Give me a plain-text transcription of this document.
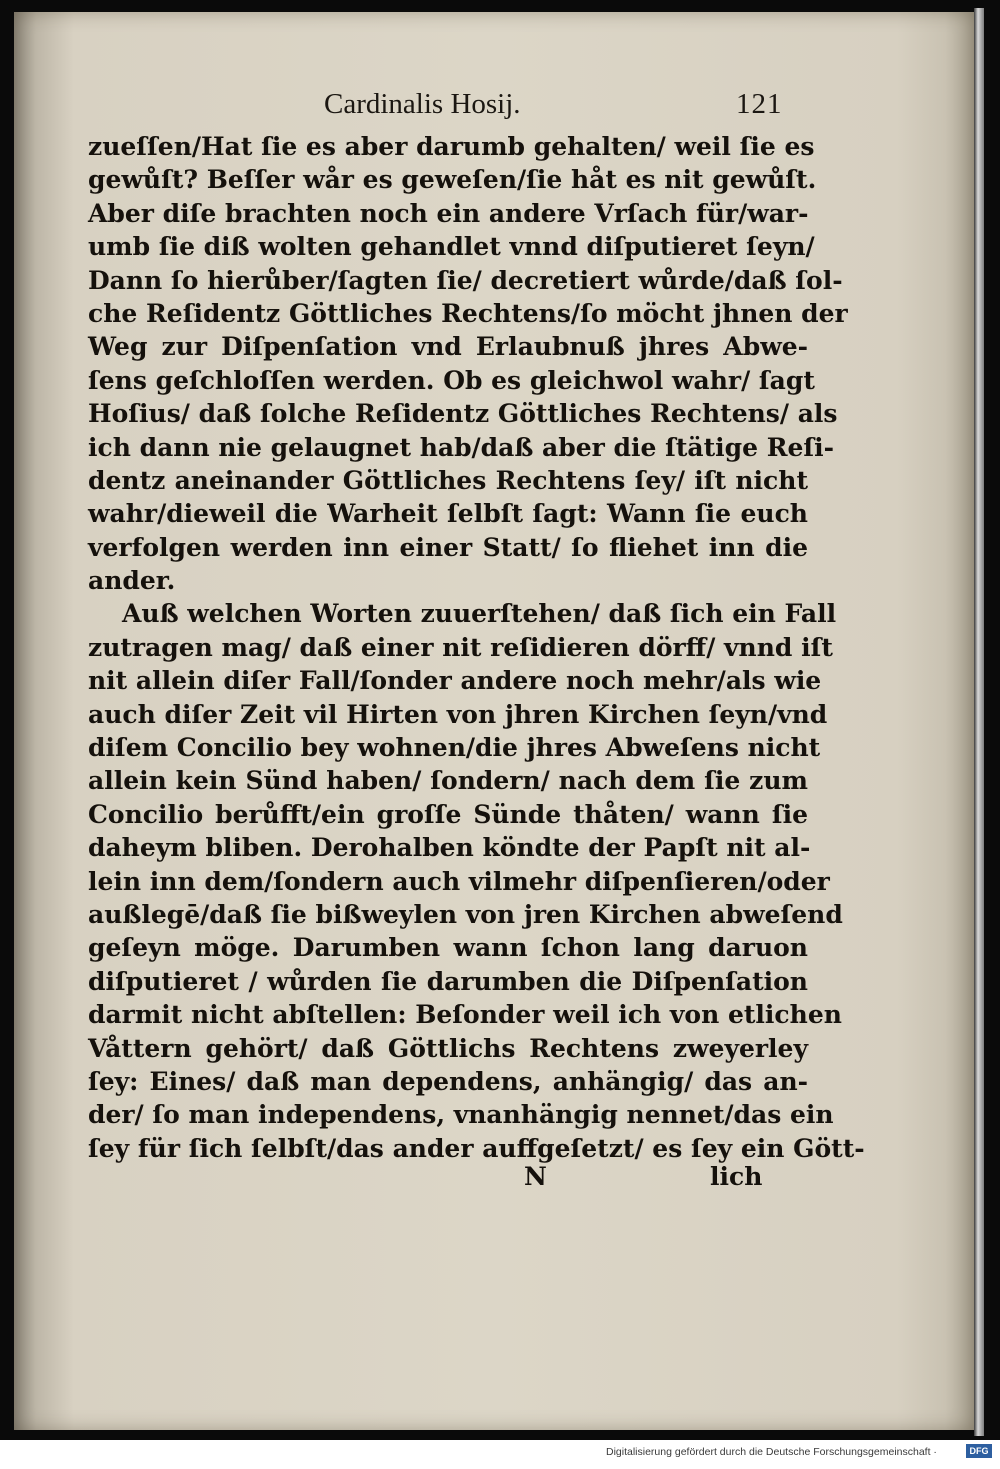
Cardinalis Hosij.	121
zueſſen/Hat ſie es aber darumb gehalten/ weil ſie es
gewůſt? Beſſer wår es geweſen/ſie håt es nit gewůſt.
Aber diſe brachten noch ein andere Vrſach für/war-
umb ſie diß wolten gehandlet vnnd diſputieret ſeyn/
Dann ſo hierůber/ſagten ſie/ decretiert wůrde/daß ſol-
che Reſidentz Göttliches Rechtens/ſo möcht jhnen der
Weg zur Diſpenſation vnd Erlaubnuß jhres Abwe-
ſens geſchloſſen werden. Ob es gleichwol wahr/ ſagt
Hoſius/ daß ſolche Reſidentz Göttliches Rechtens/ als
ich dann nie gelaugnet hab/daß aber die ſtätige Reſi-
dentz aneinander Göttliches Rechtens ſey/ iſt nicht
wahr/dieweil die Warheit ſelbſt ſagt: Wann ſie euch
verfolgen werden inn einer Statt/ ſo fliehet inn die
ander.
Auß welchen Worten zuuerſtehen/ daß ſich ein Fall
zutragen mag/ daß einer nit reſidieren dörff/ vnnd iſt
nit allein diſer Fall/ſonder andere noch mehr/als wie
auch diſer Zeit vil Hirten von jhren Kirchen ſeyn/vnd
diſem Concilio bey wohnen/die jhres Abweſens nicht
allein kein Sünd haben/ ſondern/ nach dem ſie zum
Concilio berůfft/ein groſſe Sünde thåten/ wann ſie
daheym bliben. Derohalben köndte der Papſt nit al-
lein inn dem/ſondern auch vilmehr diſpenſieren/oder
außlegē/daß ſie bißweylen von jren Kirchen abweſend
geſeyn möge. Darumben wann ſchon lang daruon
diſputieret / wůrden ſie darumben die Diſpenſation
darmit nicht abſtellen: Beſonder weil ich von etlichen
Våttern gehört/ daß Göttlichs Rechtens zweyerley
ſey: Eines/ daß man dependens, anhängig/ das an-
der/ ſo man independens, vnanhängig nennet/das ein
ſey für ſich ſelbſt/das ander auffgeſetzt/ es ſey ein Gött-
N	lich
Digitalisierung gefördert durch die Deutsche Forschungsgemeinschaft ·	DFG
